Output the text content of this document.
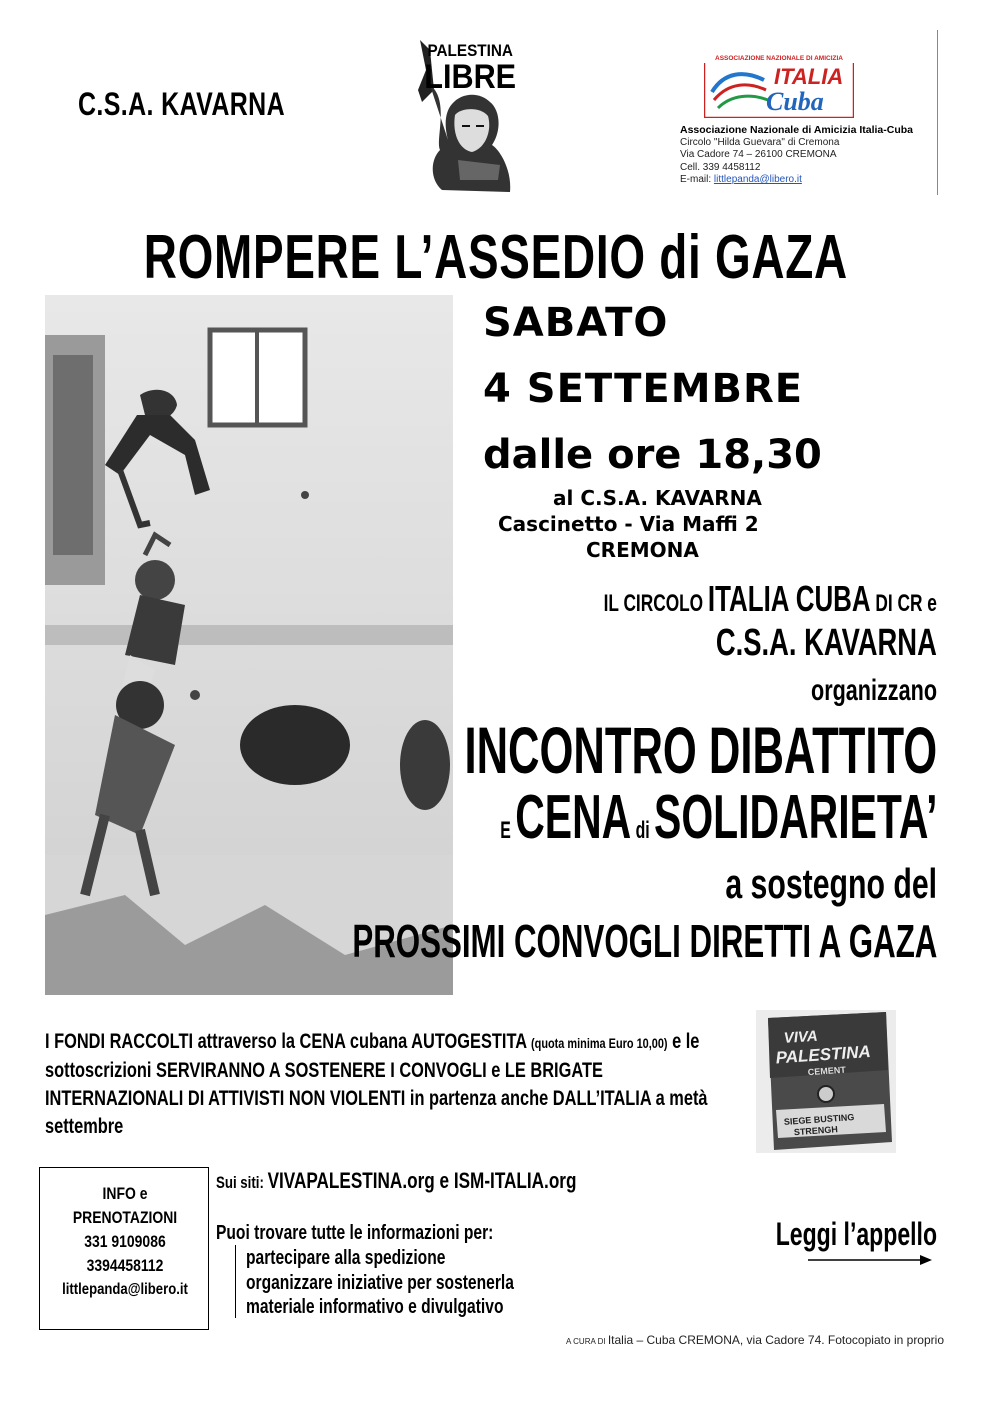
C.S.A. KAVARNA
PALESTINA
LIBRE	ASSOCIAZIONE NAZIONALE DI AMICIZIA
ITALIA
Cuba
Associazione Nazionale di Amicizia Italia-Cuba
Circolo "Hilda Guevara" di Cremona
Via Cadore 74 – 26100 CREMONA
Cell. 339 4458112
E-mail: littlepanda@libero.it
ROMPERE L’ASSEDIO di GAZA
SABATO
4 SETTEMBRE
dalle ore 18,30
al C.S.A. KAVARNA
Cascinetto - Via Maffi 2
CREMONA
IL CIRCOLO ITALIA CUBA DI CR e
C.S.A. KAVARNA
organizzano
INCONTRO DIBATTITO
E CENA di SOLIDARIETA’
a sostegno del
PROSSIMI CONVOGLI DIRETTI A GAZA
I FONDI RACCOLTI attraverso la CENA cubana AUTOGESTITA (quota minima Euro 10,00) e le sottoscrizioni SERVIRANNO A SOSTENERE I CONVOGLI e LE BRIGATE INTERNAZIONALI DI ATTIVISTI NON VIOLENTI in partenza anche DALL’ITALIA a metà settembre
VIVA
PALESTINA
CEMENT
SIEGE BUSTING
STRENGH
INFO e
PRENOTAZIONI
331 9109086
3394458112
littlepanda@libero.it
Sui siti: VIVAPALESTINA.org e ISM-ITALIA.org
Puoi trovare tutte le informazioni per:
partecipare alla spedizione
organizzare iniziative per sostenerla
materiale informativo e divulgativo
Leggi l’appello
A CURA DI Italia – Cuba CREMONA, via Cadore 74. Fotocopiato in proprio
